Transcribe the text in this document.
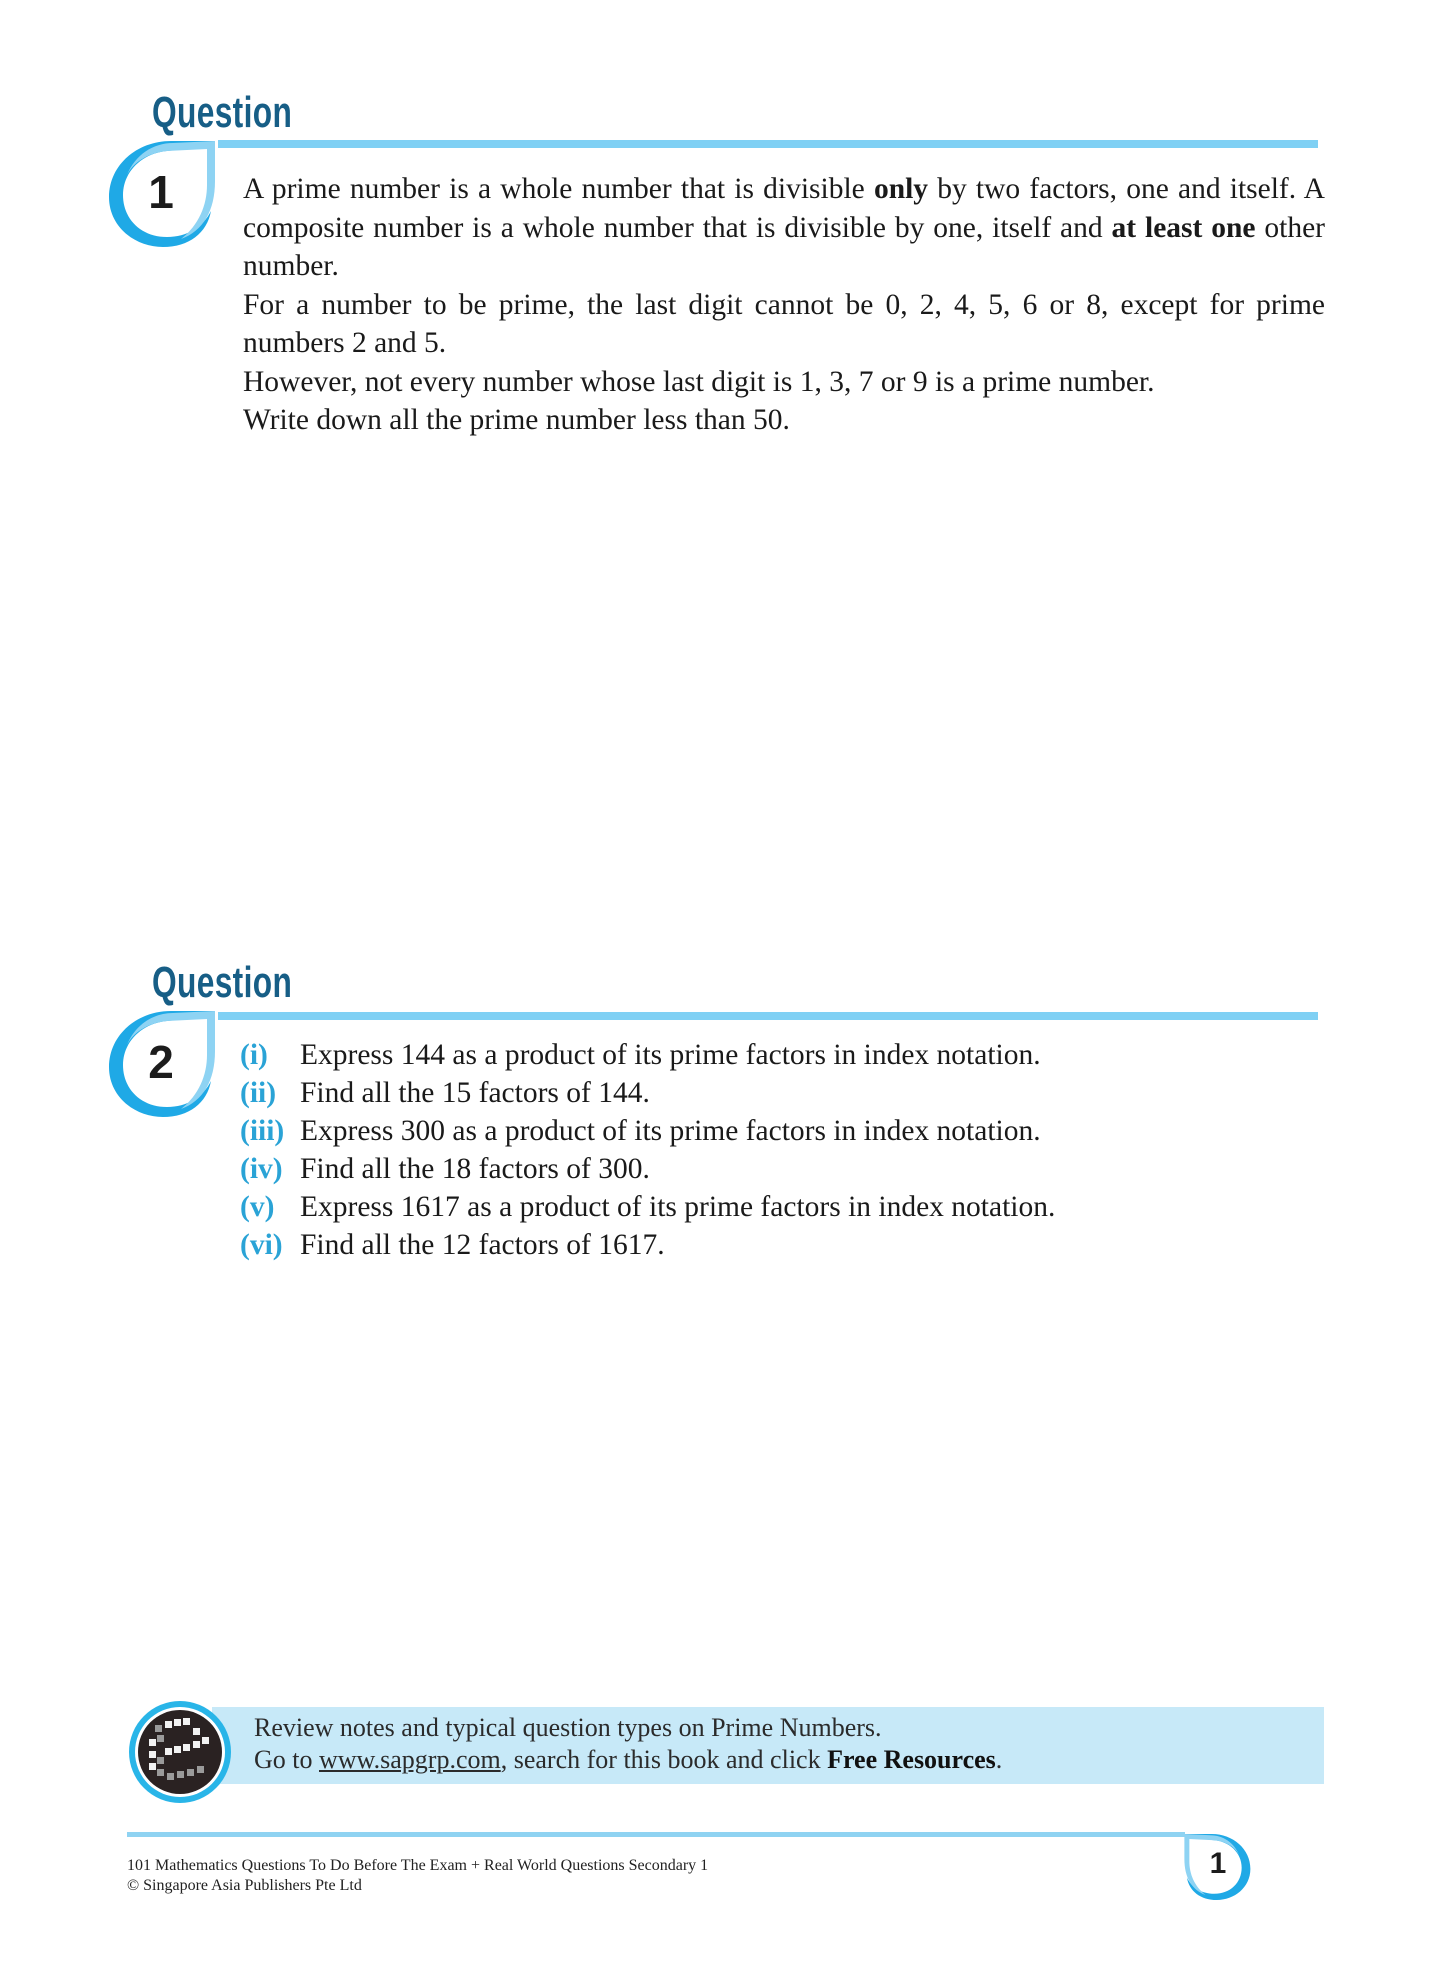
Question
1	A prime number is a whole number that is divisible only by two factors, one and itself. A composite number is a whole number that is divisible by one, itself and at least one other number.

For a number to be prime, the last digit cannot be 0, 2, 4, 5, 6 or 8, except for prime numbers 2 and 5.

However, not every number whose last digit is 1, 3, 7 or 9 is a prime number.

Write down all the prime number less than 50.

Question
2	(i)	Express 144 as a product of its prime factors in index notation.
(ii) Find all the 15 factors of 144.
(iii) Express 300 as a product of its prime factors in index notation.
(iv) Find all the 18 factors of 300.
(v) Express 1617 as a product of its prime factors in index notation.
(vi) Find all the 12 factors of 1617.
Review notes and typical question types on Prime Numbers.
Go to www.sapgrp.com, search for this book and click Free Resources.
101 Mathematics Questions To Do Before The Exam + Real World Questions Secondary 1
© Singapore Asia Publishers Pte Ltd
1
